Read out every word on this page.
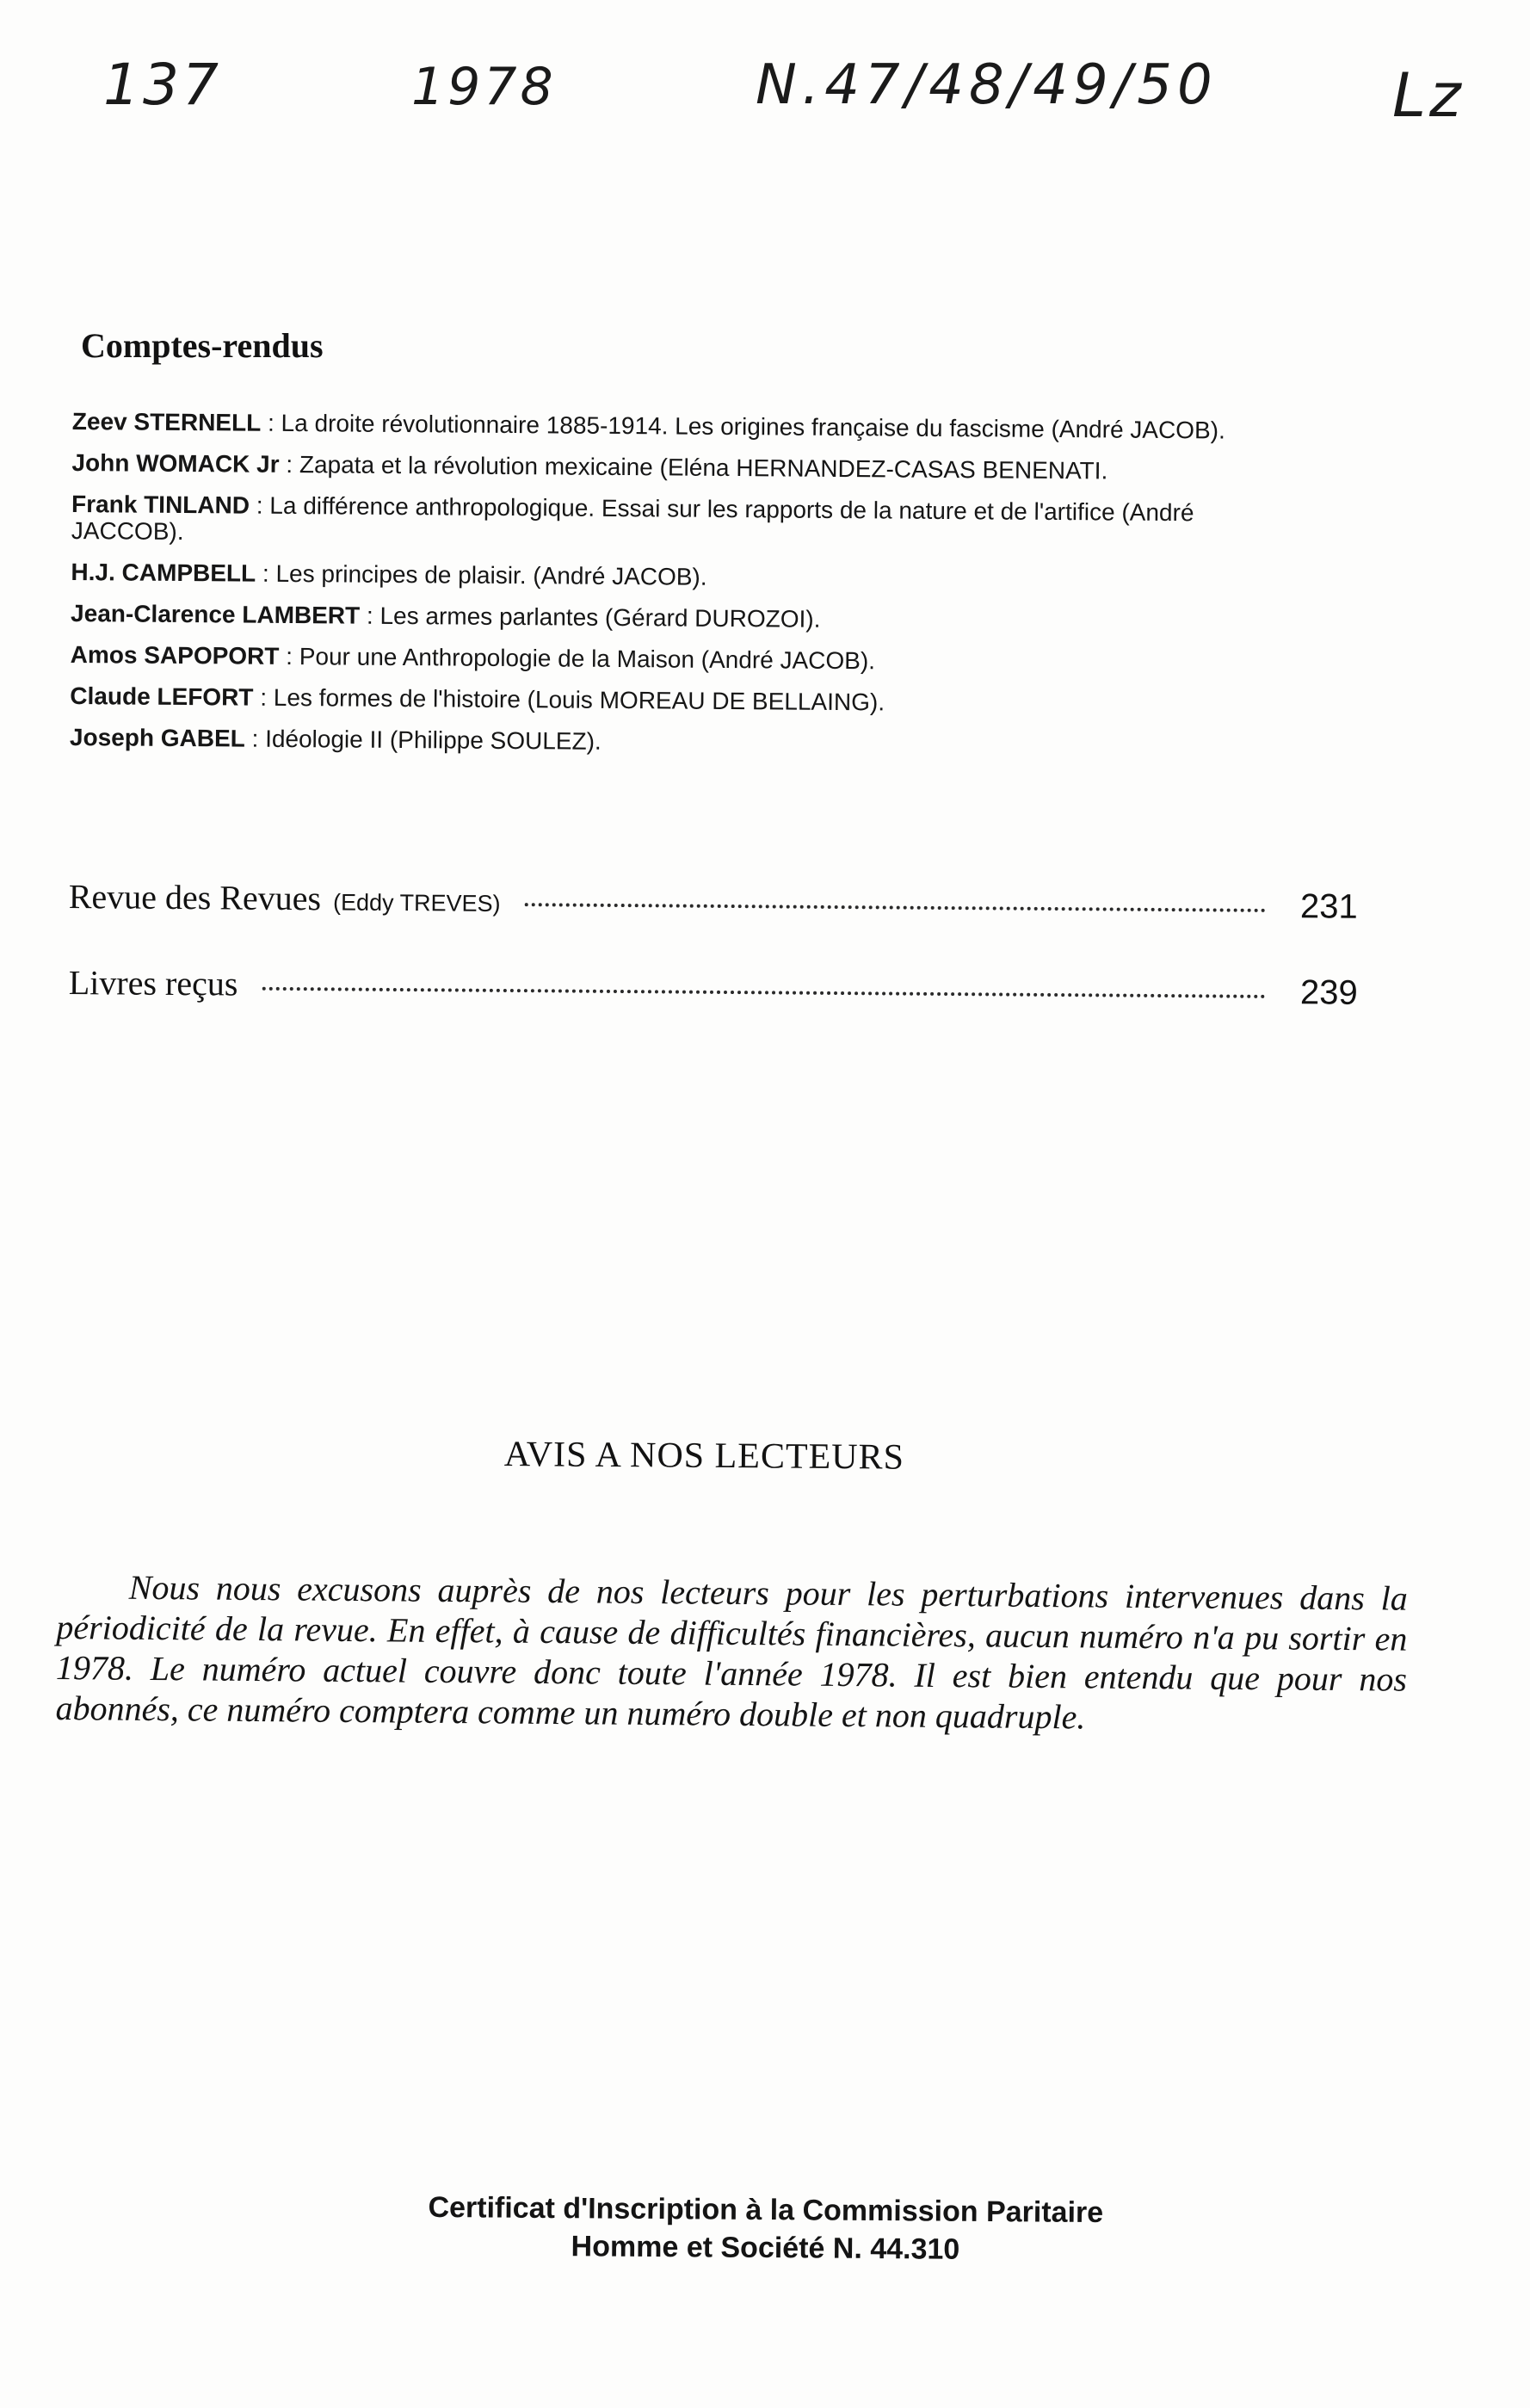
137	1978	N.47/48/49/50	Lz
Comptes-rendus
Zeev STERNELL : La droite révolutionnaire 1885-1914. Les origines française du fascisme (André JACOB).
John WOMACK Jr : Zapata et la révolution mexicaine (Eléna HERNANDEZ-CASAS BENENATI.
Frank TINLAND : La différence anthropologique. Essai sur les rapports de la nature et de l'artifice (André JACCOB).
H.J. CAMPBELL : Les principes de plaisir. (André JACOB).
Jean-Clarence LAMBERT : Les armes parlantes (Gérard DUROZOI).
Amos SAPOPORT : Pour une Anthropologie de la Maison (André JACOB).
Claude LEFORT : Les formes de l'histoire (Louis MOREAU DE BELLAING).
Joseph GABEL : Idéologie II (Philippe SOULEZ).
Revue des Revues (Eddy TREVES)	231
Livres reçus	239
AVIS A NOS LECTEURS

Nous nous excusons auprès de nos lecteurs pour les perturbations intervenues dans la périodicité de la revue. En effet, à cause de difficultés financières, aucun numéro n'a pu sortir en 1978. Le numéro actuel couvre donc toute l'année 1978. Il est bien entendu que pour nos abonnés, ce numéro comptera comme un numéro double et non quadruple.

Certificat d'Inscription à la Commission Paritaire
Homme et Société N. 44.310
